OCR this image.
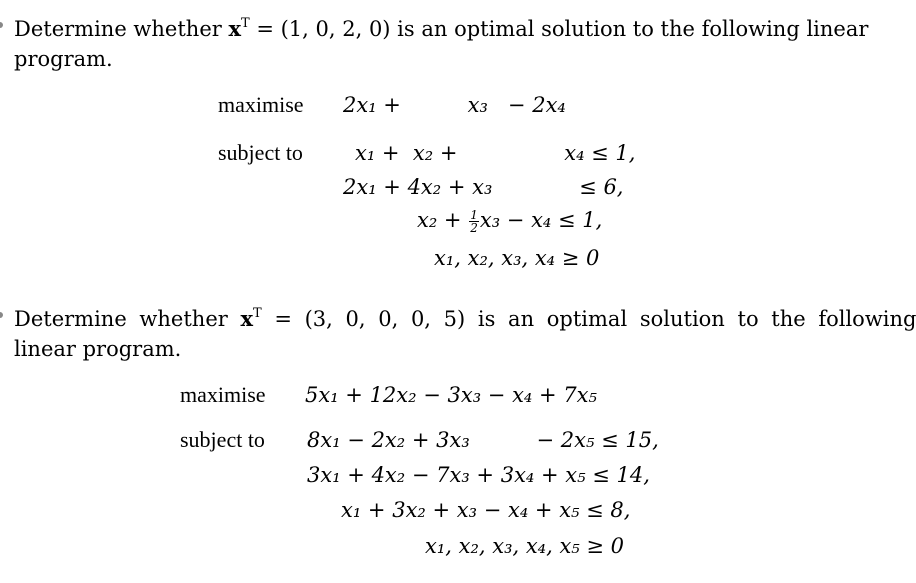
Determine whether $x^T = (1$, 0, 2, 0) is an optimal solution to the following linear
program.
maximise 2x₁ +          x₃   − 2x₄
subject to x₁ +  x₂ +                x₄ ≤ 1,
2x₁ + 4x₂ + x₃             ≤ 6,
$x_2 + \frac{1}{2} x_3 - x_4 \le 1$,
x₁, x₂, x₃, x₄ ≥ 0
Determine whether $x^T = (3$, 0, 0, 0, 5) is an optimal solution to the following
linear program.
maximise 5x₁ + 12x₂ − 3x₃ − x₄ + 7x₅
subject to 8x₁ − 2x₂ + 3x₃          − 2x₅ ≤ 15,
3x₁ + 4x₂ − 7x₃ + 3x₄ + x₅ ≤ 14,
x₁ + 3x₂ + x₃ − x₄ + x₅ ≤ 8,
x₁, x₂, x₃, x₄, x₅ ≥ 0
